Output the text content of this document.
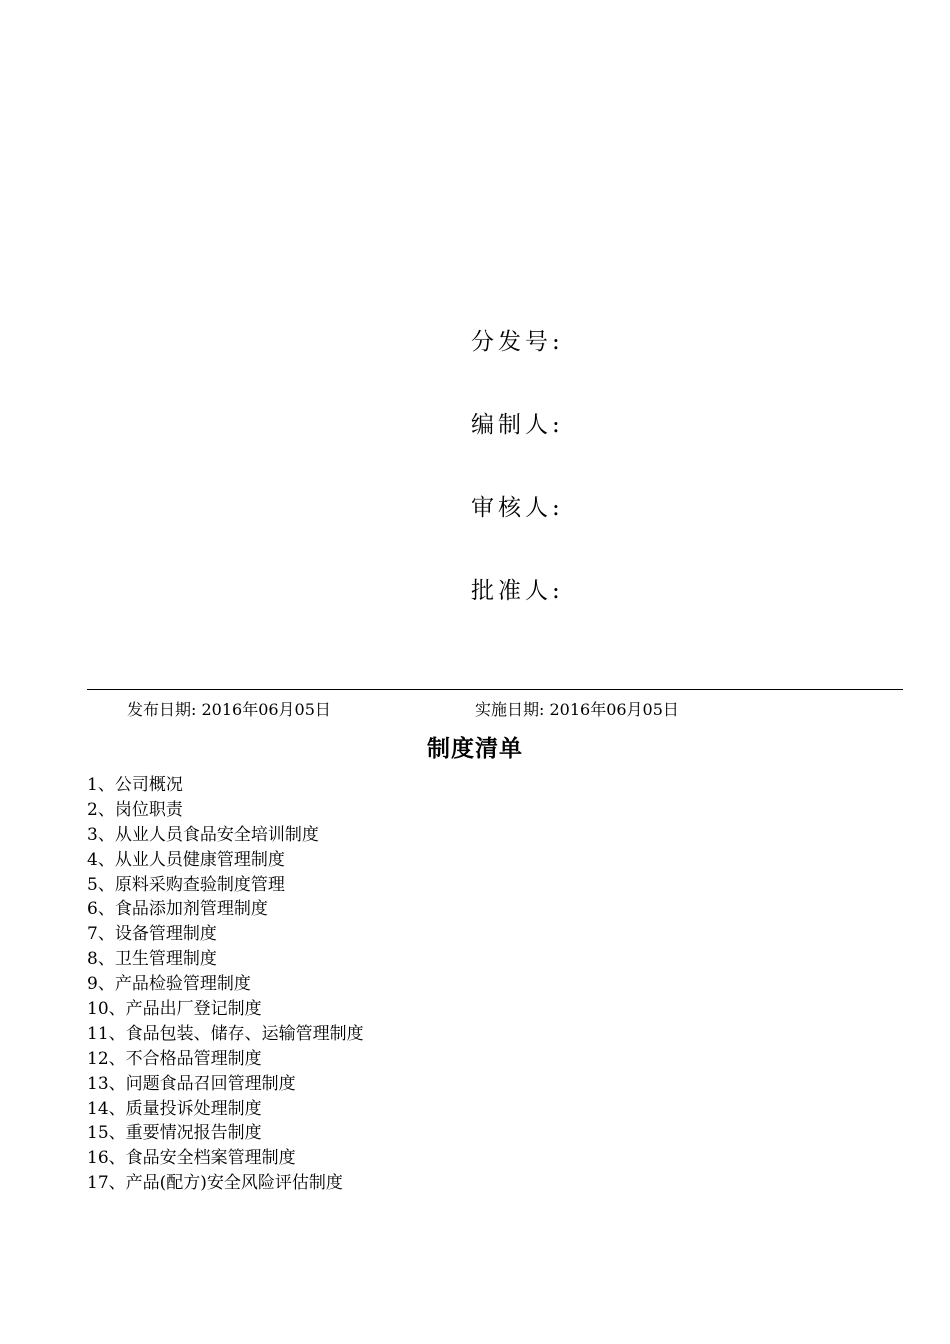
分发号:
编制人:
审核人:
批准人:
发布日期: 2016年06月05日	实施日期: 2016年06月05日
制度清单
1、公司概况
2、岗位职责
3、从业人员食品安全培训制度
4、从业人员健康管理制度
5、原料采购查验制度管理
6、食品添加剂管理制度
7、设备管理制度
8、卫生管理制度
9、产品检验管理制度
10、产品出厂登记制度
11、食品包装、储存、运输管理制度
12、不合格品管理制度
13、问题食品召回管理制度
14、质量投诉处理制度
15、重要情况报告制度
16、食品安全档案管理制度
17、产品(配方)安全风险评估制度
